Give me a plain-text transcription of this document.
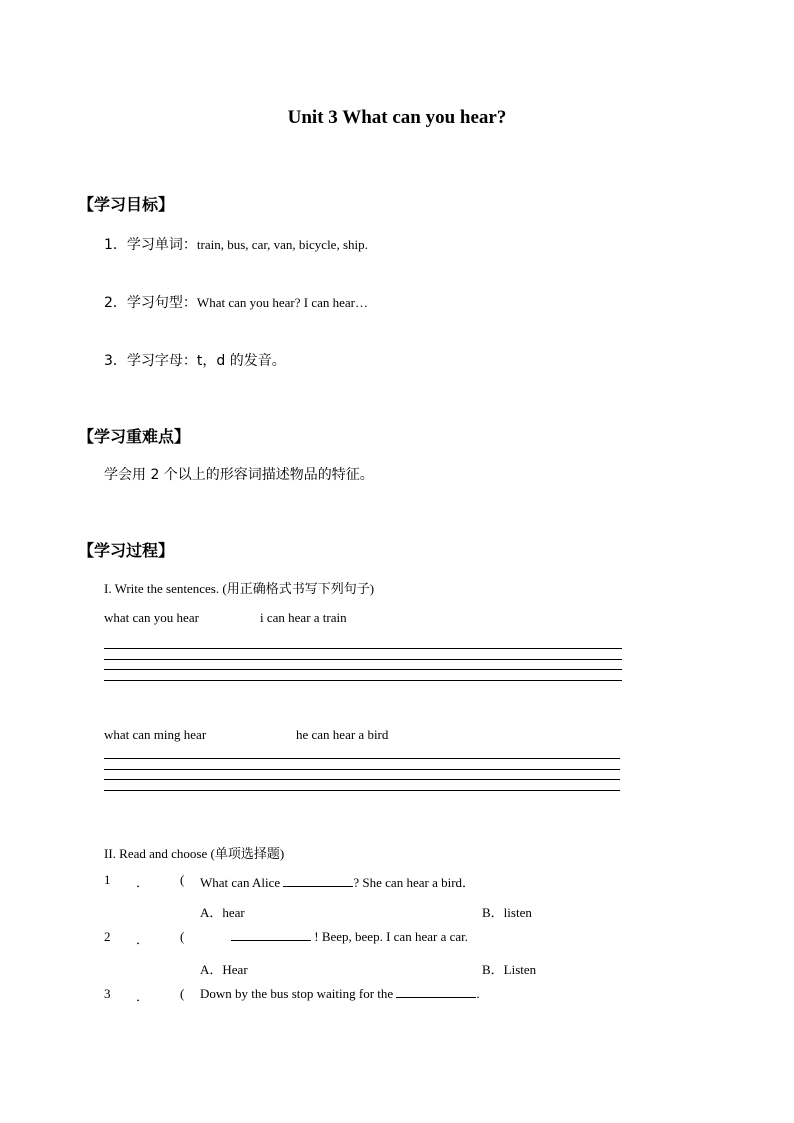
Unit 3 What can you hear?
【学习目标】
1．学习单词：train, bus, car, van, bicycle, ship.
2．学习句型：What can you hear? I can hear…
3．学习字母：t，d 的发音。
【学习重难点】
学会用 2 个以上的形容词描述物品的特征。
【学习过程】
I. Write the sentences. (用正确格式书写下列句子)
what can you hear	i can hear a train
what can ming hear	he can hear a bird
II. Read and choose (单项选择题)
1 ． ( What can Alice	? She can hear a bird．
A．hear	B．listen
2 ． (	! Beep, beep. I can hear a car.
A．Hear	B．Listen
3 ． ( Down by the bus stop waiting for the	.
